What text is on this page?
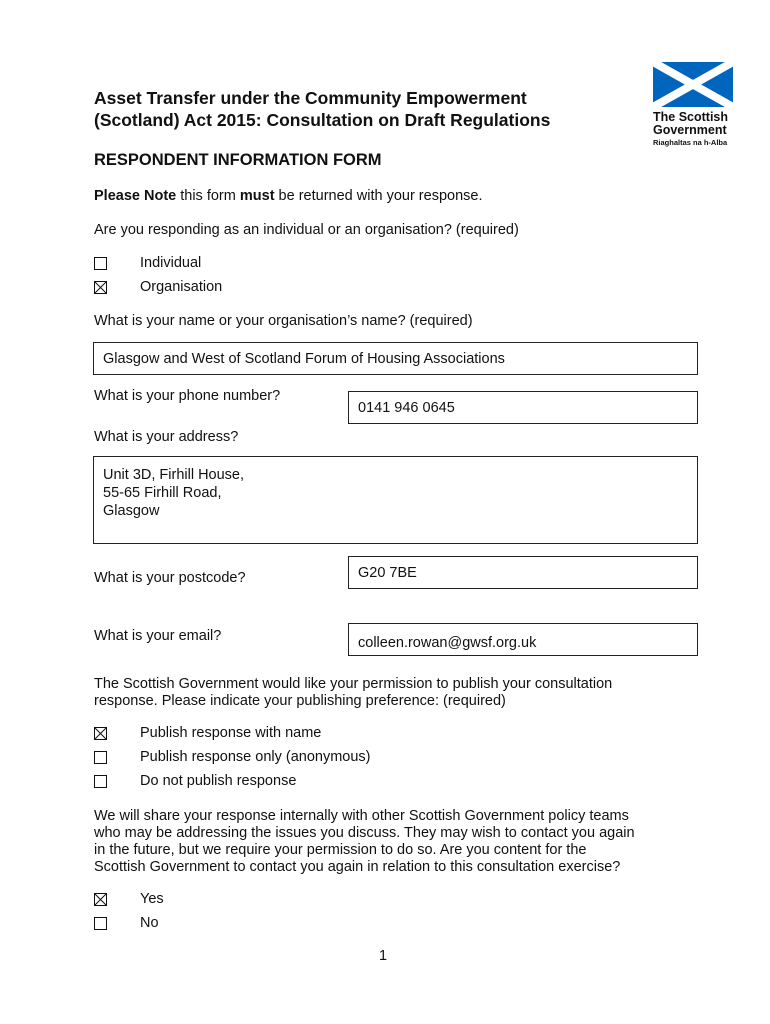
Asset Transfer under the Community Empowerment
(Scotland) Act 2015: Consultation on Draft Regulations	The Scottish
Government
Riaghaltas na h-Alba
RESPONDENT INFORMATION FORM
Please Note this form must be returned with your response.
Are you responding as an individual or an organisation? (required)
Individual
Organisation
What is your name or your organisation’s name? (required)
Glasgow and West of Scotland Forum of Housing Associations
What is your phone number?
0141 946 0645
What is your address?
Unit 3D, Firhill House,
55-65 Firhill Road,
Glasgow
What is your postcode?	G20 7BE
What is your email?	colleen.rowan@gwsf.org.uk
The Scottish Government would like your permission to publish your consultation
response. Please indicate your publishing preference: (required)
Publish response with name
Publish response only (anonymous)
Do not publish response
We will share your response internally with other Scottish Government policy teams
who may be addressing the issues you discuss. They may wish to contact you again
in the future, but we require your permission to do so. Are you content for the
Scottish Government to contact you again in relation to this consultation exercise?
Yes
No
1
